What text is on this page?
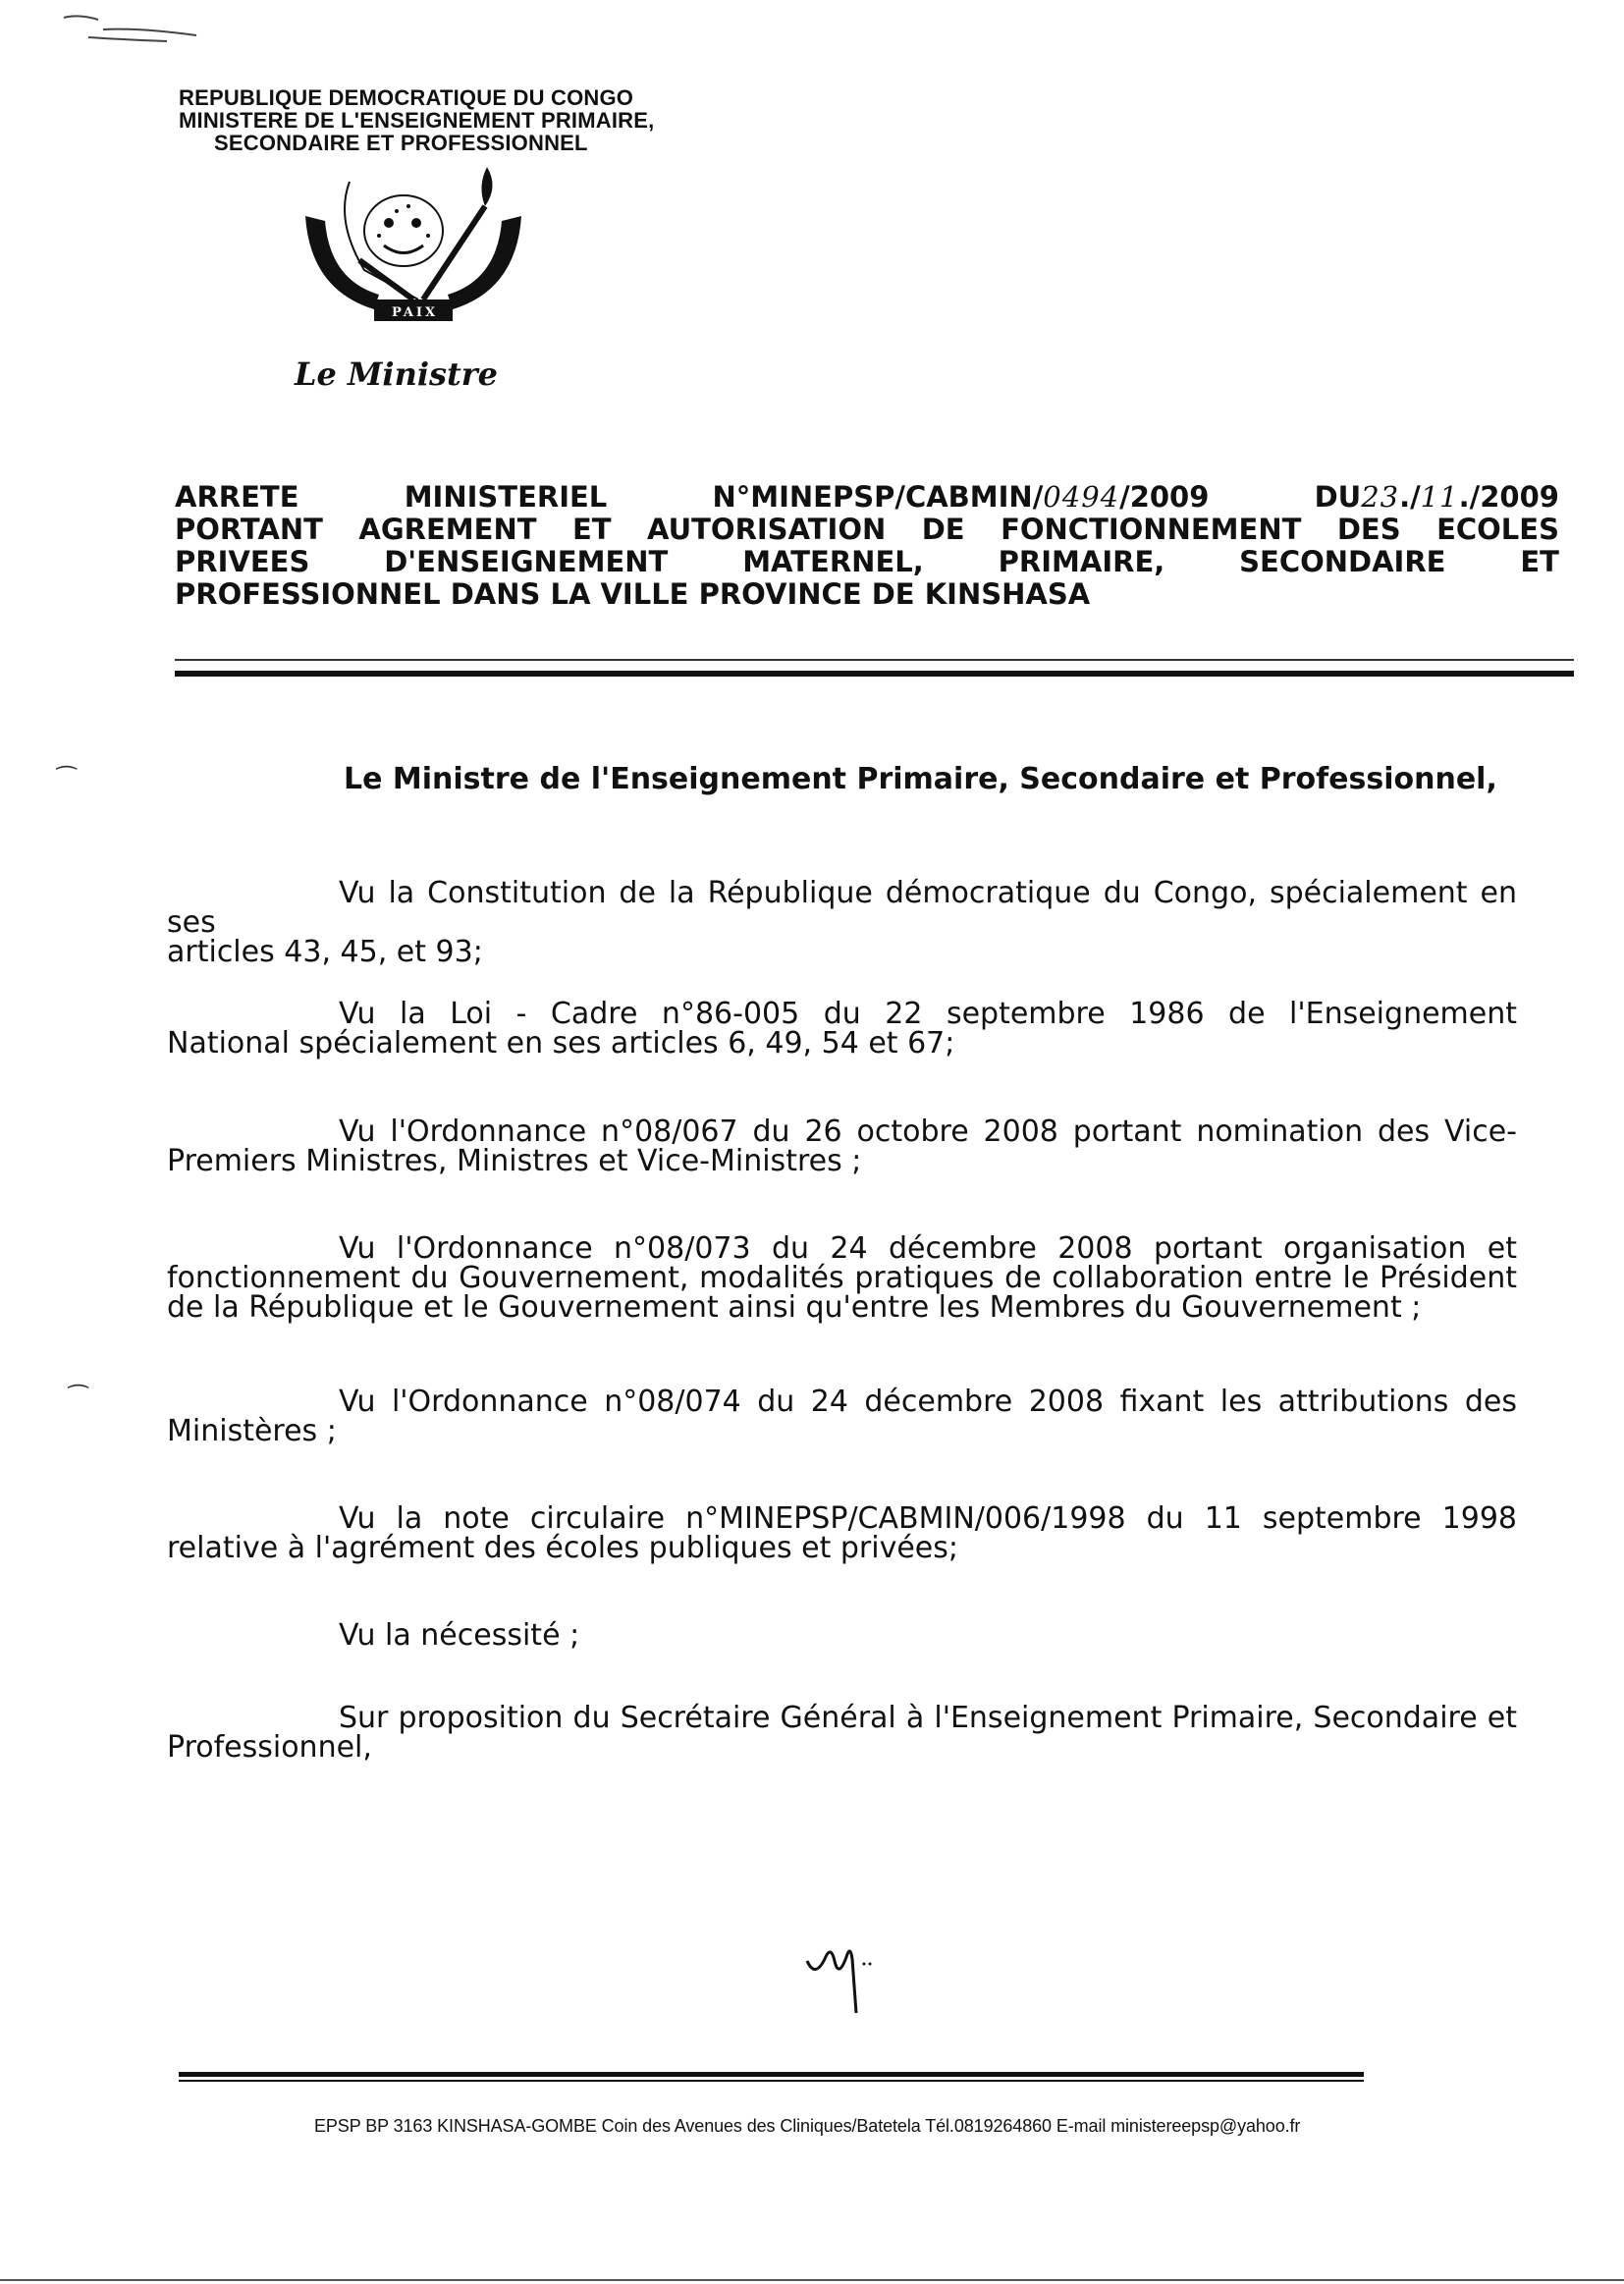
REPUBLIQUE DEMOCRATIQUE DU CONGO
MINISTERE DE L'ENSEIGNEMENT PRIMAIRE,
SECONDAIRE ET PROFESSIONNEL
PAIX
Le Ministre
ARRETE	MINISTERIEL	N°MINEPSP/CABMIN/0494/2009	DU23./11./2009
PORTANT AGREMENT ET AUTORISATION DE FONCTIONNEMENT DES ECOLES
PRIVEES	D'ENSEIGNEMENT	MATERNEL,	PRIMAIRE,	SECONDAIRE	ET
PROFESSIONNEL DANS LA VILLE PROVINCE DE KINSHASA
⁀
⁀
Le Ministre de l'Enseignement Primaire, Secondaire et Professionnel,
Vu la Constitution de la République démocratique du Congo, spécialement en ses
articles 43, 45, et 93;
Vu la Loi - Cadre n°86-005 du 22 septembre 1986 de l'Enseignement
National spécialement en ses articles 6, 49, 54 et 67;
Vu l'Ordonnance n°08/067 du 26 octobre 2008 portant nomination des Vice-
Premiers Ministres, Ministres et Vice-Ministres ;
Vu l'Ordonnance n°08/073 du 24 décembre 2008 portant organisation et
fonctionnement du Gouvernement, modalités pratiques de collaboration entre le Président
de la République et le Gouvernement ainsi qu'entre les Membres du Gouvernement ;
Vu l'Ordonnance n°08/074 du 24 décembre 2008 fixant les attributions des
Ministères ;
Vu la note circulaire n°MINEPSP/CABMIN/006/1998 du 11 septembre 1998
relative à l'agrément des écoles publiques et privées;
Vu la nécessité ;
Sur proposition du Secrétaire Général à l'Enseignement Primaire, Secondaire et
Professionnel,
EPSP BP 3163 KINSHASA-GOMBE Coin des Avenues des Cliniques/Batetela Tél.0819264860 E-mail ministereepsp@yahoo.fr
